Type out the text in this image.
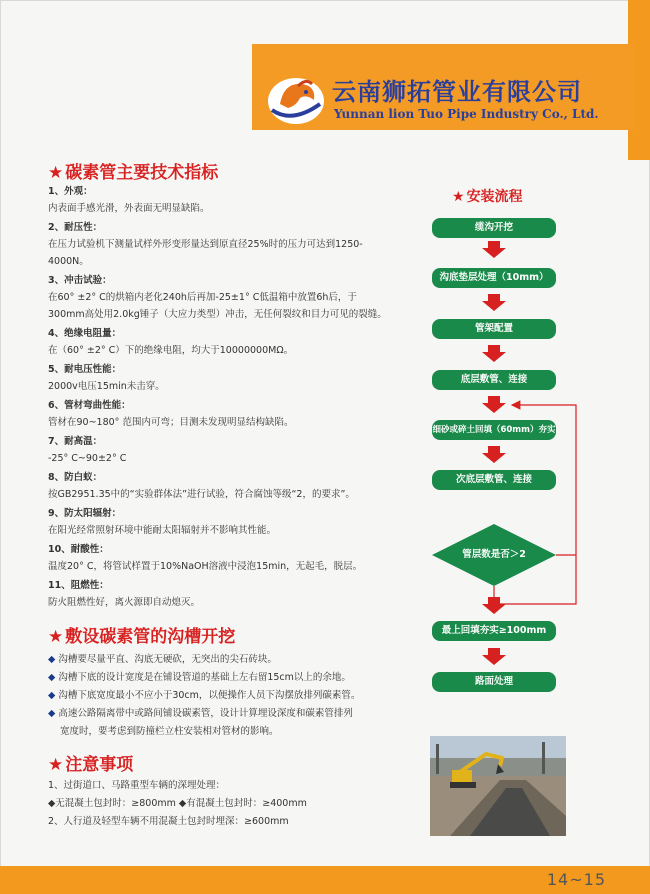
云南狮拓管业有限公司
Yunnan lion Tuo Pipe Industry Co., Ltd.
★ 碳素管主要技术指标
1、外观：
内表面手感光滑，外表面无明显缺陷。
2、耐压性：
在压力试验机下测量试样外形变形量达到原直径25%时的压力可达到1250-
4000N。
3、冲击试验：
在60° ±2° C的烘箱内老化240h后再加-25±1° C低温箱中放置6h后，于
300mm高处用2.0kg锤子（大应力类型）冲击，无任何裂纹和目力可见的裂缝。
4、绝缘电阻量：
在（60° ±2° C）下的绝缘电阻，均大于10000000MΩ。
5、耐电压性能：
2000v电压15min未击穿。
6、管材弯曲性能：
管材在90~180° 范围内可弯；目测未发现明显结构缺陷。
7、耐高温：
-25° C~90±2° C
8、防白蚁：
按GB2951.35中的“实验群体法”进行试验，符合腐蚀等级“2，的要求”。
9、防太阳辐射：
在阳光经常照射环境中能耐太阳辐射并不影响其性能。
10、耐酸性：
温度20° C，将管试样置于10%NaOH溶液中浸泡15min，无起毛，脱层。
11、阻燃性：
防火阻燃性好，离火源即自动熄灭。
★ 敷设碳素管的沟槽开挖
◆ 沟槽要尽量平直、沟底无硬砍，无突出的尖石砖块。
◆ 沟槽下底的设计宽度是在铺设管道的基础上左右留15cm以上的余地。
◆ 沟槽下底宽度最小不应小于30cm，以便操作人员下沟摆放排列碳素管。
◆ 高速公路隔离带中或路间铺设碳素管，设计计算埋设深度和碳素管排列
宽度时，要考虑到防撞栏立柱安装相对管材的影响。
★ 注意事项
1、过街道口、马路重型车辆的深埋处理：
◆无混凝土包封时：≥800mm ◆有混凝土包封时：≥400mm
2、人行道及轻型车辆不用混凝土包封时埋深：≥600mm
★ 安装流程
缆沟开挖
沟底垫层处理（10mm）
管架配置
底层敷管、连接
细砂或碎土回填（60mm）夯实
次底层敷管、连接
管层数是否＞2
最上回填夯实≥100mm
路面处理
14~15
